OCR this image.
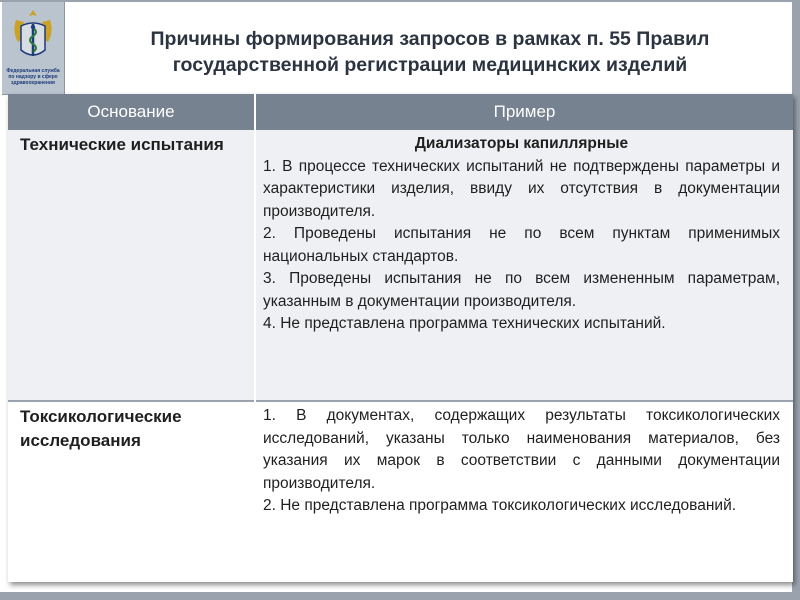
Федеральная служба по надзору в сфере здравоохранения
Причины формирования запросов в рамках п. 55 Правил государственной регистрации медицинских изделий
Основание	Пример
Технические испытания	Диализаторы капиллярные
1. В процессе технических испытаний не подтверждены параметры и характеристики изделия, ввиду их отсутствия в документации производителя.
2. Проведены испытания не по всем пунктам применимых национальных стандартов.
3. Проведены испытания не по всем измененным параметрам, указанным в документации производителя.
4. Не представлена программа технических испытаний.
Токсикологические исследования
1. В документах, содержащих результаты токсикологических исследований, указаны только наименования материалов, без указания их марок в соответствии с данными документации производителя.
2. Не представлена программа токсикологических исследований.
